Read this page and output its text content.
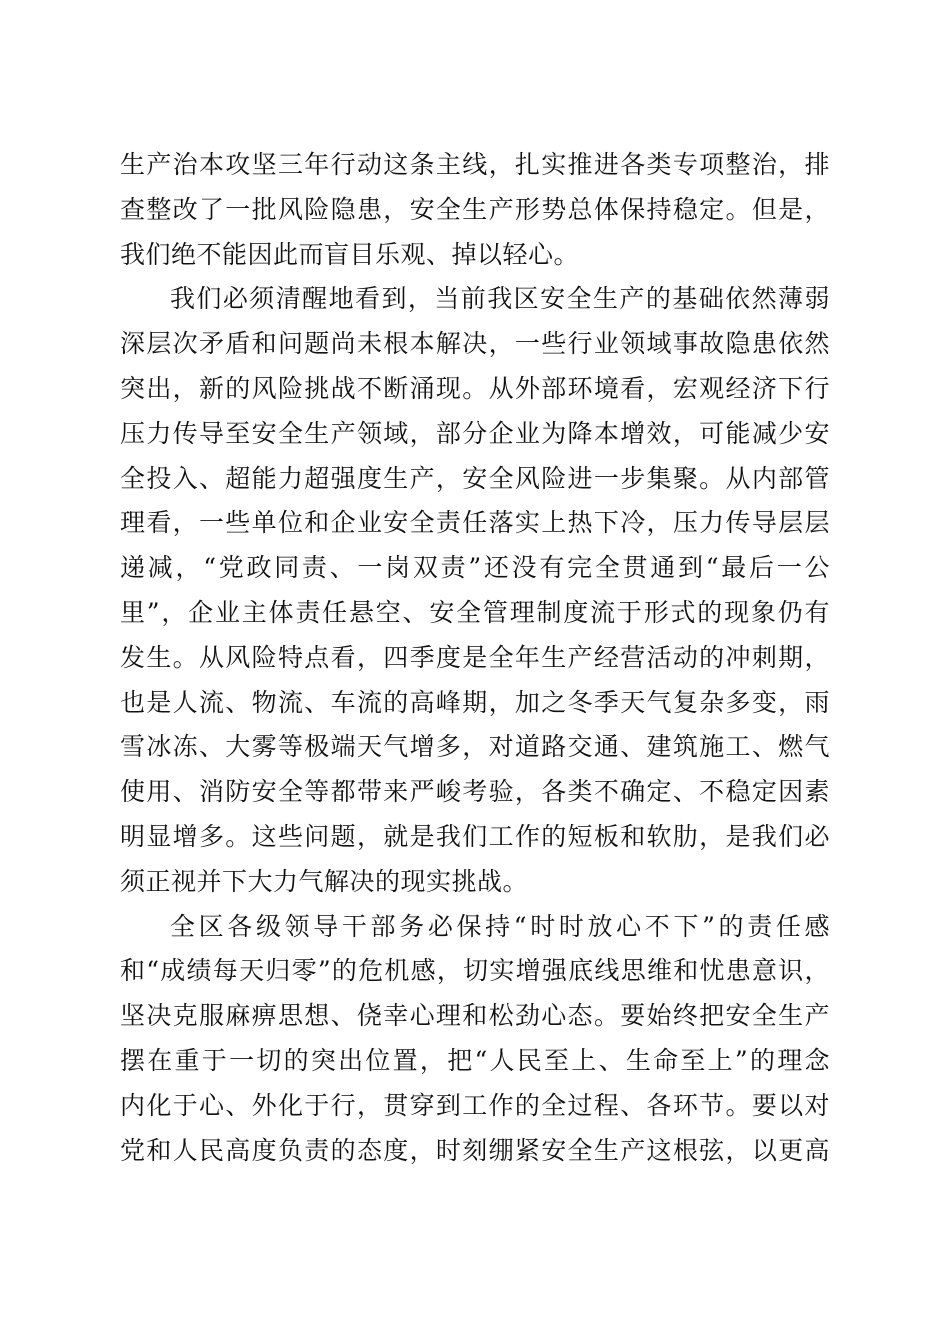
生产治本攻坚三年行动这条主线，扎实推进各类专项整治，排
查整改了一批风险隐患，安全生产形势总体保持稳定。但是，
我们绝不能因此而盲目乐观、掉以轻心。
我们必须清醒地看到，当前我区安全生产的基础依然薄弱
深层次矛盾和问题尚未根本解决，一些行业领域事故隐患依然
突出，新的风险挑战不断涌现。从外部环境看，宏观经济下行
压力传导至安全生产领域，部分企业为降本增效，可能减少安
全投入、超能力超强度生产，安全风险进一步集聚。从内部管
理看，一些单位和企业安全责任落实上热下冷，压力传导层层
递减，“党政同责、一岗双责”还没有完全贯通到“最后一公
里”，企业主体责任悬空、安全管理制度流于形式的现象仍有
发生。从风险特点看，四季度是全年生产经营活动的冲刺期，
也是人流、物流、车流的高峰期，加之冬季天气复杂多变，雨
雪冰冻、大雾等极端天气增多，对道路交通、建筑施工、燃气
使用、消防安全等都带来严峻考验，各类不确定、不稳定因素
明显增多。这些问题，就是我们工作的短板和软肋，是我们必
须正视并下大力气解决的现实挑战。
全区各级领导干部务必保持“时时放心不下”的责任感
和“成绩每天归零”的危机感，切实增强底线思维和忧患意识，
坚决克服麻痹思想、侥幸心理和松劲心态。要始终把安全生产
摆在重于一切的突出位置，把“人民至上、生命至上”的理念
内化于心、外化于行，贯穿到工作的全过程、各环节。要以对
党和人民高度负责的态度，时刻绷紧安全生产这根弦，以更高
